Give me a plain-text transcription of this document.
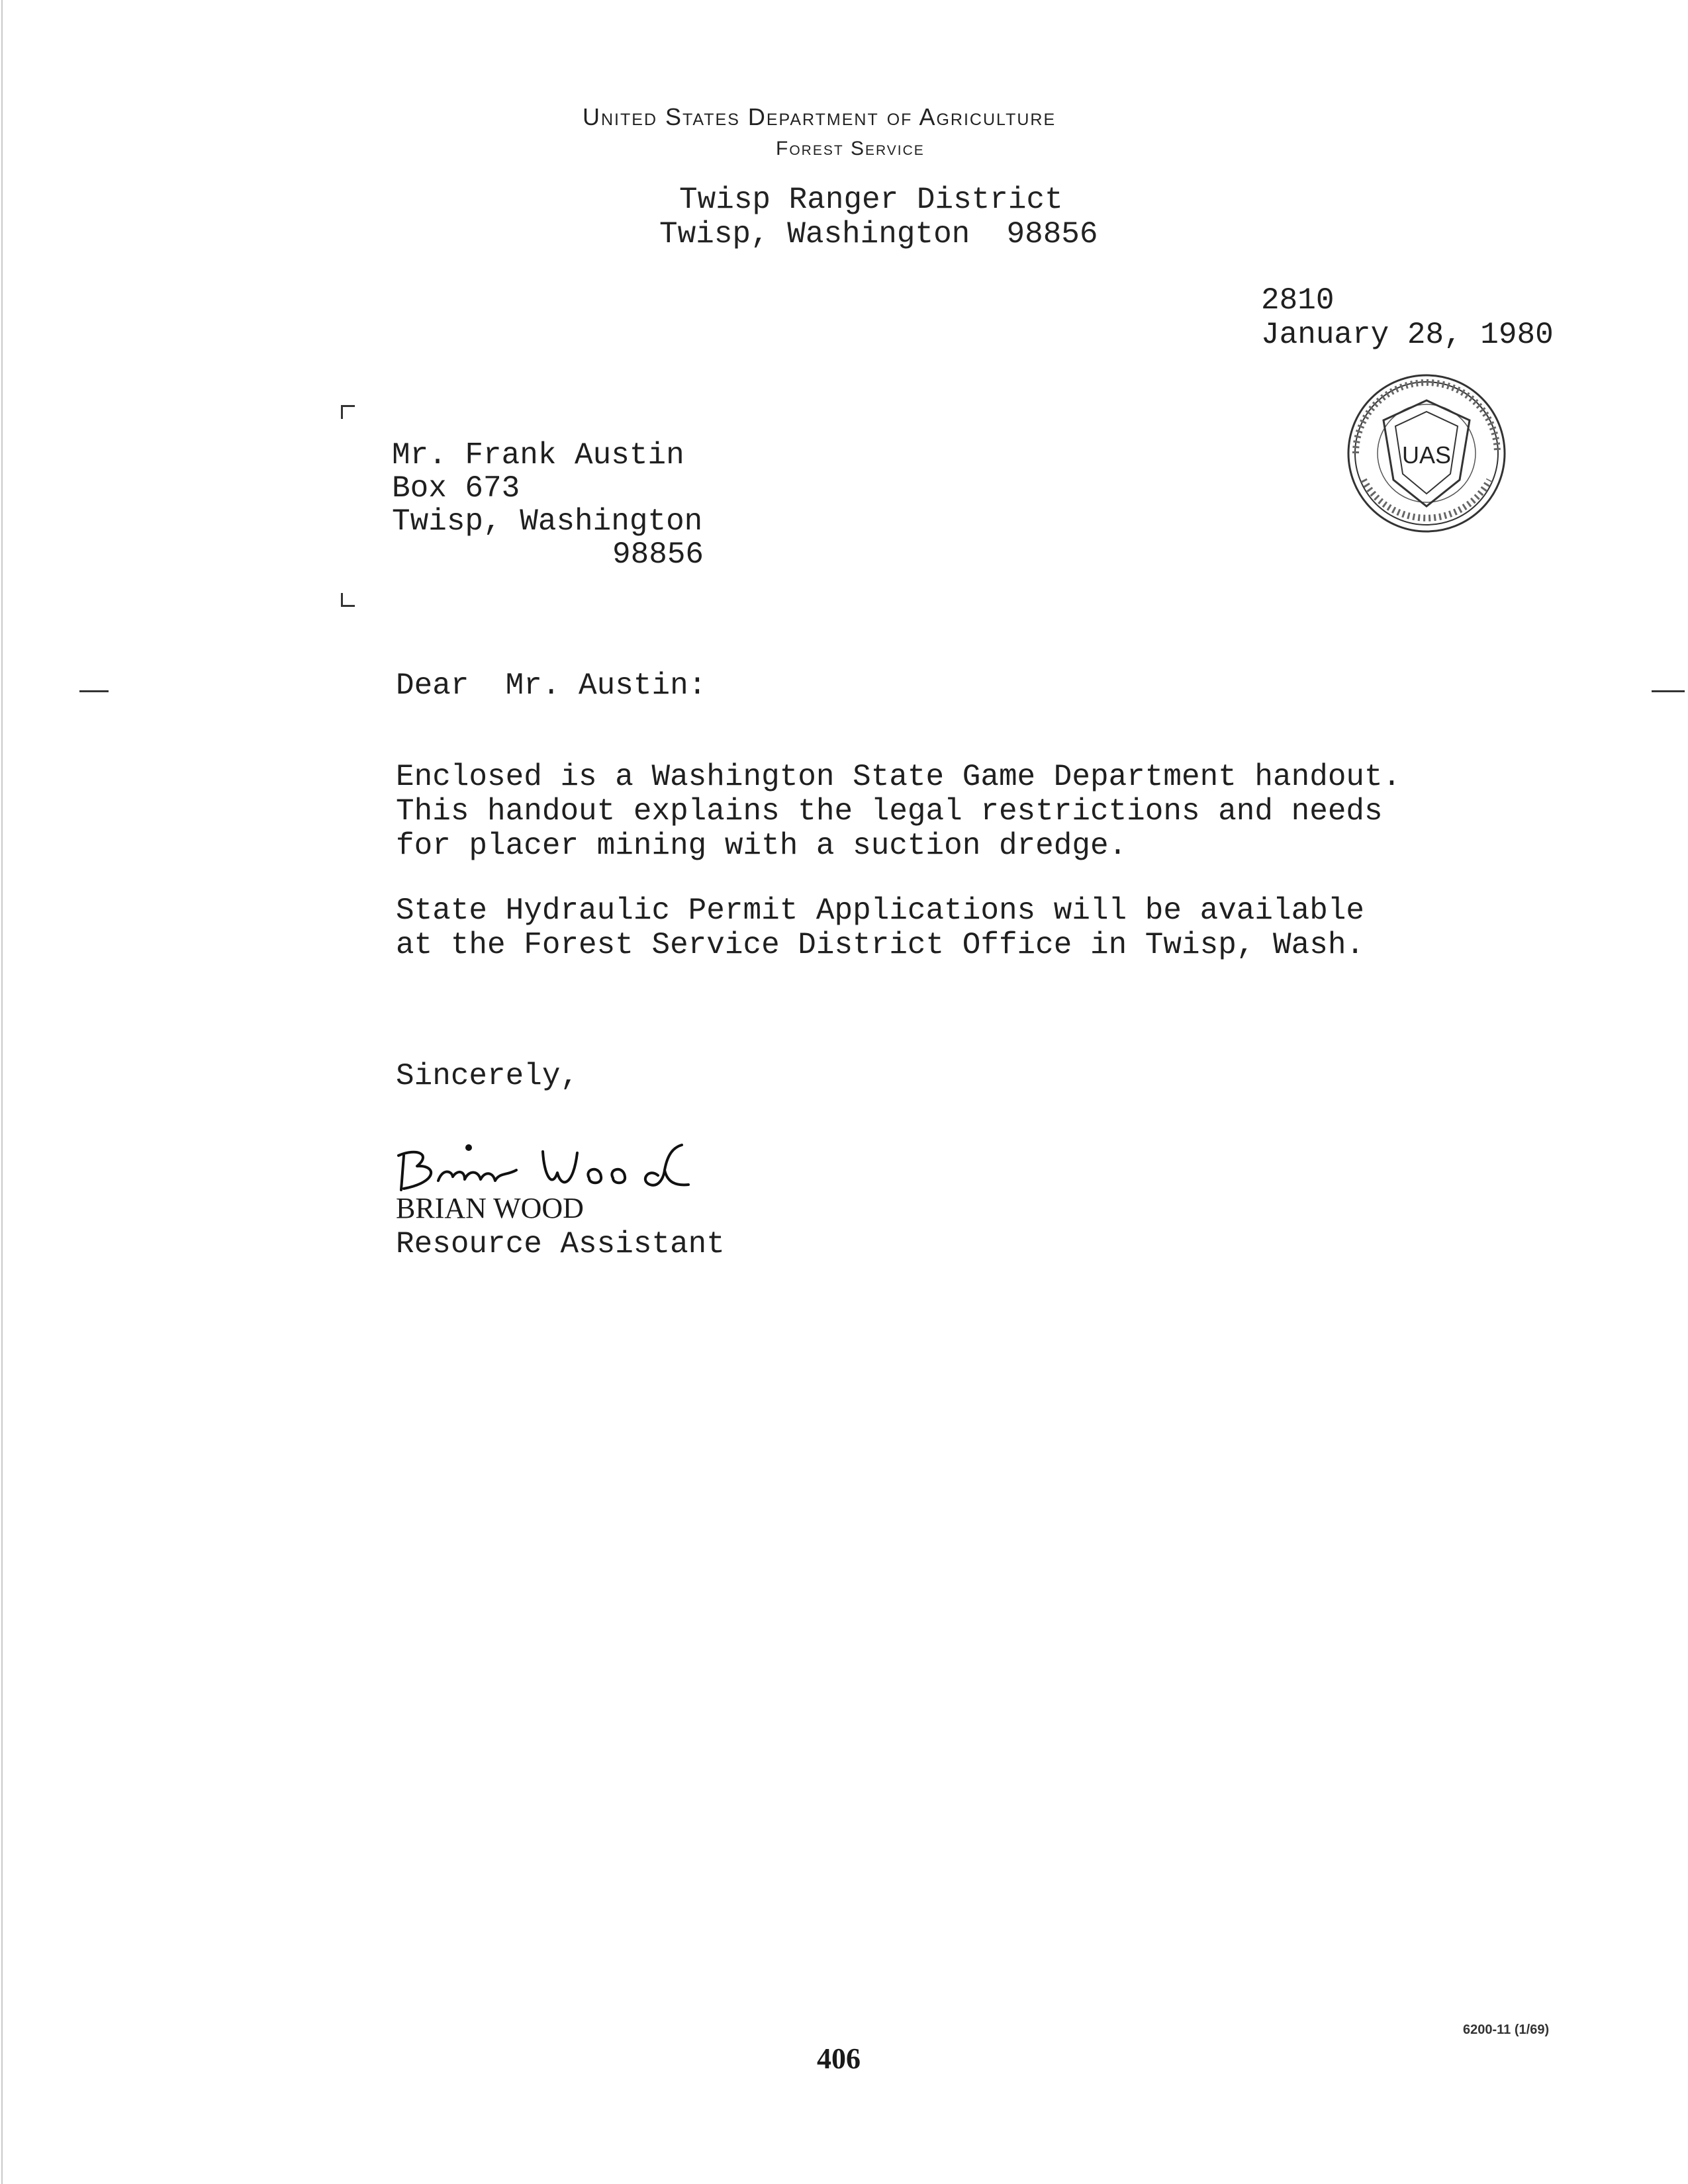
United States Department of Agriculture
Forest Service
Twisp Ranger District
Twisp, Washington  98856
2810
January 28, 1980
UAS
Mr. Frank Austin
Box 673
Twisp, Washington
98856
Dear  Mr. Austin:
Enclosed is a Washington State Game Department handout.
This handout explains the legal restrictions and needs
for placer mining with a suction dredge.
State Hydraulic Permit Applications will be available
at the Forest Service District Office in Twisp, Wash.
Sincerely,
BRIAN WOOD
Resource Assistant
6200-11 (1/69)
406
